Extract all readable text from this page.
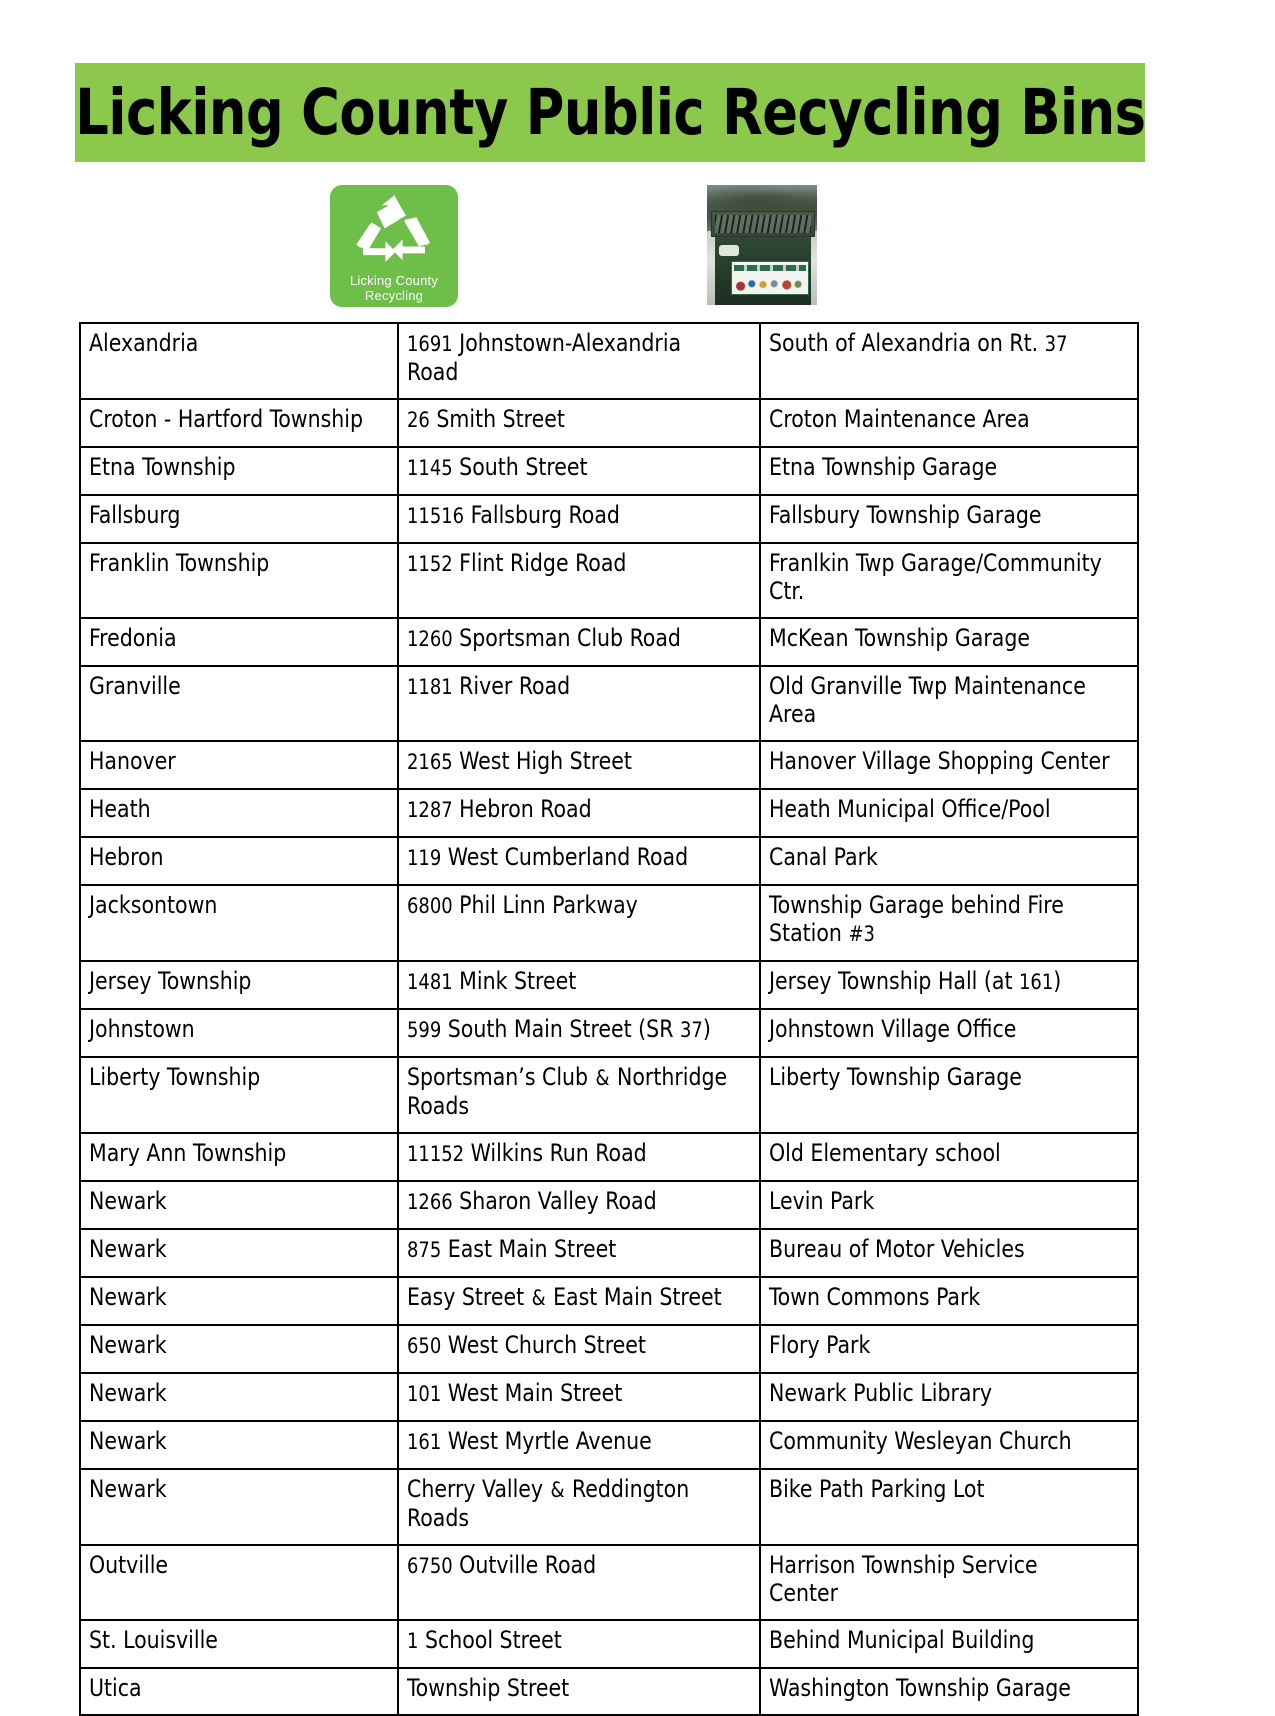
Licking County Public Recycling Bins
Licking County
Recycling
Alexandria	1691 Johnstown-Alexandria Road	South of Alexandria on Rt. 37

Croton - Hartford Township	26 Smith Street	Croton Maintenance Area

Etna Township	1145 South Street	Etna Township Garage

Fallsburg	11516 Fallsburg Road	Fallsbury Township Garage

Franklin Township	1152 Flint Ridge Road	Franlkin Twp Garage/Community Ctr.

Fredonia	1260 Sportsman Club Road	McKean Township Garage

Granville	1181 River Road	Old Granville Twp Maintenance Area

Hanover	2165 West High Street	Hanover Village Shopping Center

Heath	1287 Hebron Road	Heath Municipal Office/Pool

Hebron	119 West Cumberland Road	Canal Park

Jacksontown	6800 Phil Linn Parkway	Township Garage behind Fire Station #3

Jersey Township	1481 Mink Street	Jersey Township Hall (at 161)

Johnstown	599 South Main Street (SR 37)	Johnstown Village Office

Liberty Township	Sportsman’s Club & Northridge Roads	Liberty Township Garage

Mary Ann Township	11152 Wilkins Run Road	Old Elementary school

Newark	1266 Sharon Valley Road	Levin Park

Newark	875 East Main Street	Bureau of Motor Vehicles

Newark	Easy Street & East Main Street	Town Commons Park

Newark	650 West Church Street	Flory Park

Newark	101 West Main Street	Newark Public Library

Newark	161 West Myrtle Avenue	Community Wesleyan Church

Newark	Cherry Valley & Reddington Roads	Bike Path Parking Lot

Outville	6750 Outville Road	Harrison Township Service Center

St. Louisville	1 School Street	Behind Municipal Building

Utica	Township Street	Washington Township Garage
